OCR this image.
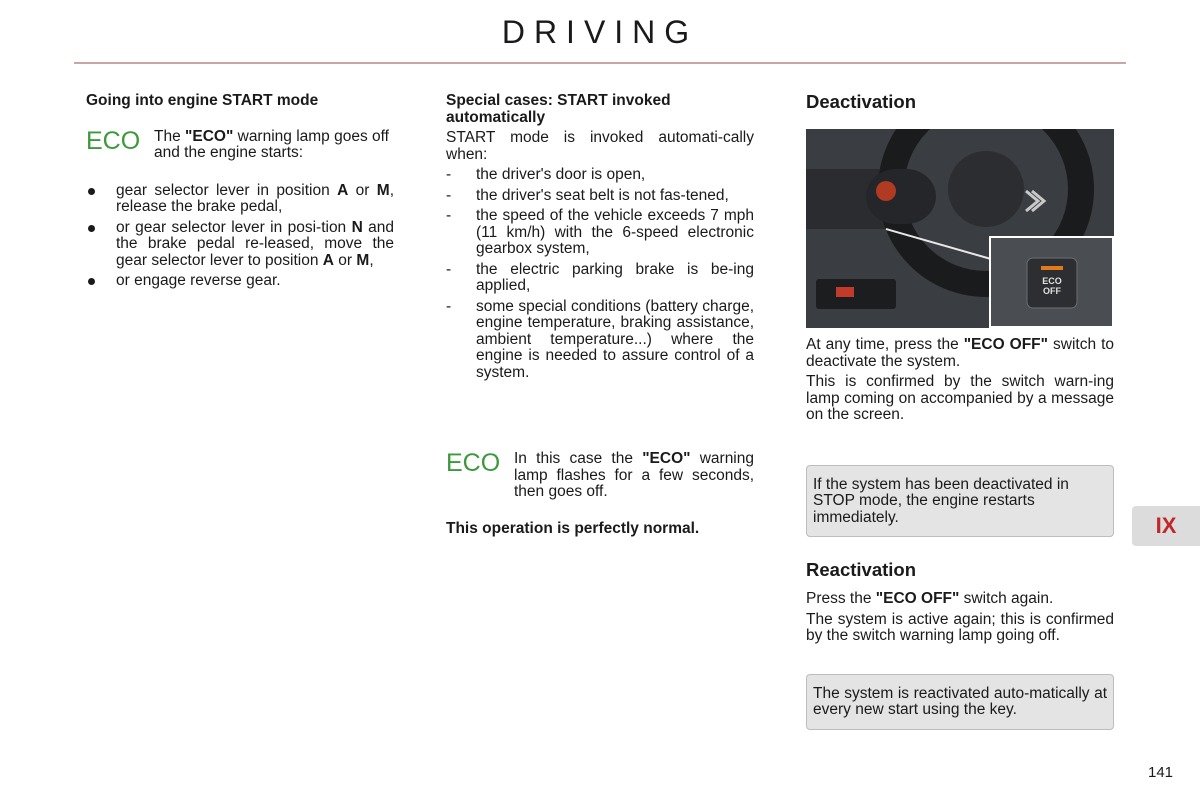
DRIVING

Going into engine START mode

ECO The "ECO" warning lamp goes off and the engine starts:
gear selector lever in position A or M, release the brake pedal,
or gear selector lever in posi-tion N and the brake pedal re-leased, move the gear selector lever to position A or M,
or engage reverse gear.

Special cases: START invoked automatically

START mode is invoked automati-cally when:

- the driver's door is open,
- the driver's seat belt is not fas-tened,
- the speed of the vehicle exceeds 7 mph (11 km/h) with the 6-speed electronic gearbox system,
- the electric parking brake is be-ing applied,
- some special conditions (battery charge, engine temperature, braking assistance, ambient temperature...) where the engine is needed to assure control of a system.
ECO In this case the "ECO" warning lamp flashes for a few seconds, then goes off.

This operation is perfectly normal.

ECO
OFF

Deactivation

At any time, press the "ECO OFF" switch to deactivate the system.

This is confirmed by the switch warn-ing lamp coming on accompanied by a message on the screen.

If the system has been deactivated in STOP mode, the engine restarts immediately.

Reactivation

Press the "ECO OFF" switch again.

The system is active again; this is confirmed by the switch warning lamp going off.

The system is reactivated auto-matically at every new start using the key.
IX
141
